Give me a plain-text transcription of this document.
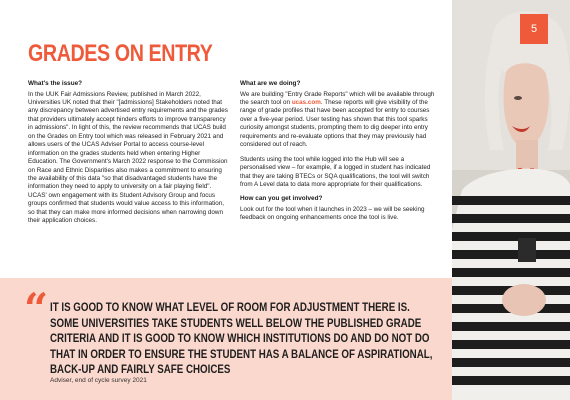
GRADES ON ENTRY
What's the issue?

In the UUK Fair Admissions Review, published in March 2022, Universities UK noted that their "[admissions] Stakeholders noted that any discrepancy between advertised entry requirements and the grades that providers ultimately accept hinders efforts to improve transparency in admissions". In light of this, the review recommends that UCAS build on the Grades on Entry tool which was released in February 2021 and allows users of the UCAS Adviser Portal to access course-level information on the grades students held when entering Higher Education. The Government's March 2022 response to the Commission on Race and Ethnic Disparities also makes a commitment to ensuring the availability of this data "so that disadvantaged students have the information they need to apply to university on a fair playing field". UCAS' own engagement with its Student Advisory Group and focus groups confirmed that students would value access to this information, so that they can make more informed decisions when narrowing down their application choices.

What are we doing?

We are building "Entry Grade Reports" which will be available through the search tool on ucas.com. These reports will give visibility of the range of grade profiles that have been accepted for entry to courses over a five-year period. User testing has shown that this tool sparks curiosity amongst students, prompting them to dig deeper into entry requirements and re-evaluate options that they may previously had considered out of reach.

Students using the tool while logged into the Hub will see a personalised view – for example, if a logged in student has indicated that they are taking BTECs or SQA qualifications, the tool will switch from A Level data to data more appropriate for their qualifications.

How can you get involved?

Look out for the tool when it launches in 2023 – we will be seeking feedback on ongoing enhancements once the tool is live.

“ IT IS GOOD TO KNOW WHAT LEVEL OF ROOM FOR ADJUSTMENT THERE IS. SOME UNIVERSITIES TAKE STUDENTS WELL BELOW THE PUBLISHED GRADE CRITERIA AND IT IS GOOD TO KNOW WHICH INSTITUTIONS DO AND DO NOT DO THAT IN ORDER TO ENSURE THE STUDENT HAS A BALANCE OF ASPIRATIONAL, BACK-UP AND FAIRLY SAFE CHOICES
Adviser, end of cycle survey 2021
5
